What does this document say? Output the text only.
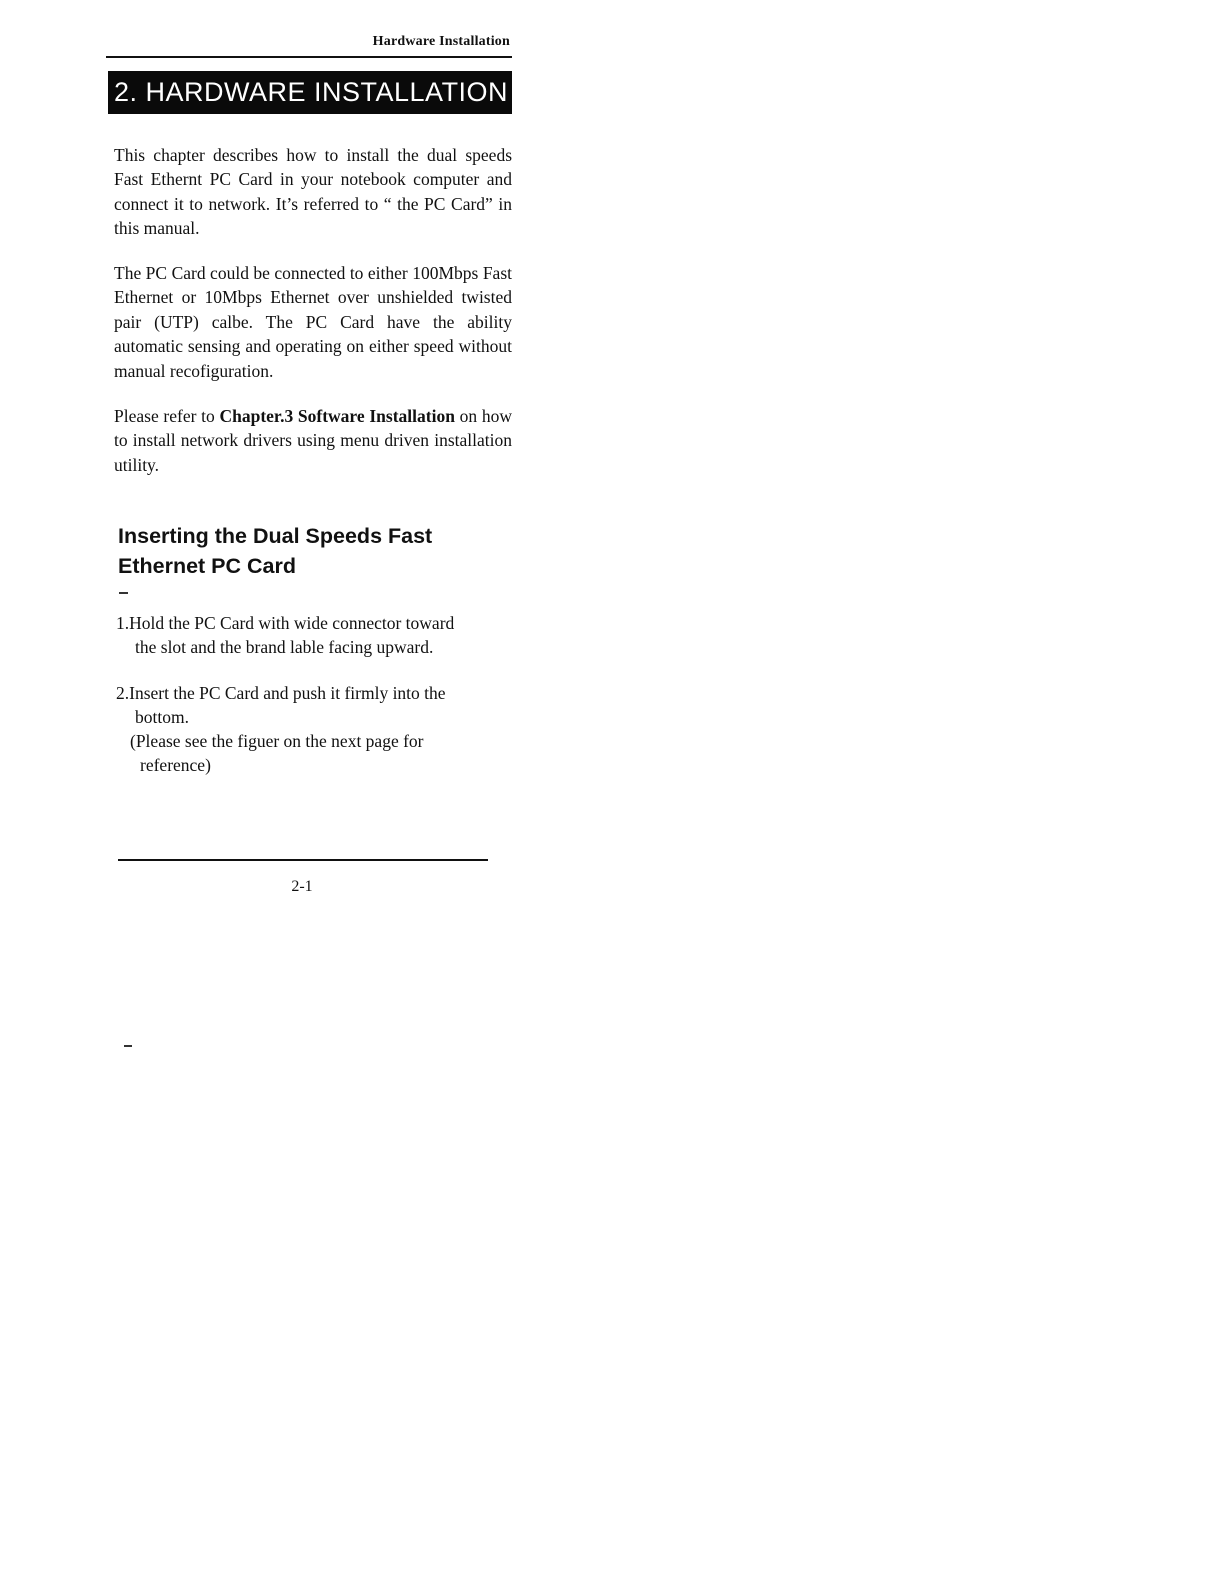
Hardware Installation
2. HARDWARE INSTALLATION

This chapter describes how to install the dual speeds Fast Ethernt PC Card in your notebook computer and connect it to network. It’s referred to “ the PC Card” in this manual.

The PC Card could be connected to either 100Mbps Fast Ethernet or 10Mbps Ethernet over unshielded twisted pair (UTP) calbe. The PC Card have the ability automatic sensing and operating on either speed without manual recofiguration.

Please refer to Chapter.3 Software Installation on how to install network drivers using menu driven installation utility.

Inserting the Dual Speeds Fast
Ethernet PC Card
1.Hold the PC Card with wide connector toward
the slot and the brand lable facing upward.
2.Insert the PC Card and push it firmly into the
bottom.

(Please see the figuer on the next page for
reference)

2-1
